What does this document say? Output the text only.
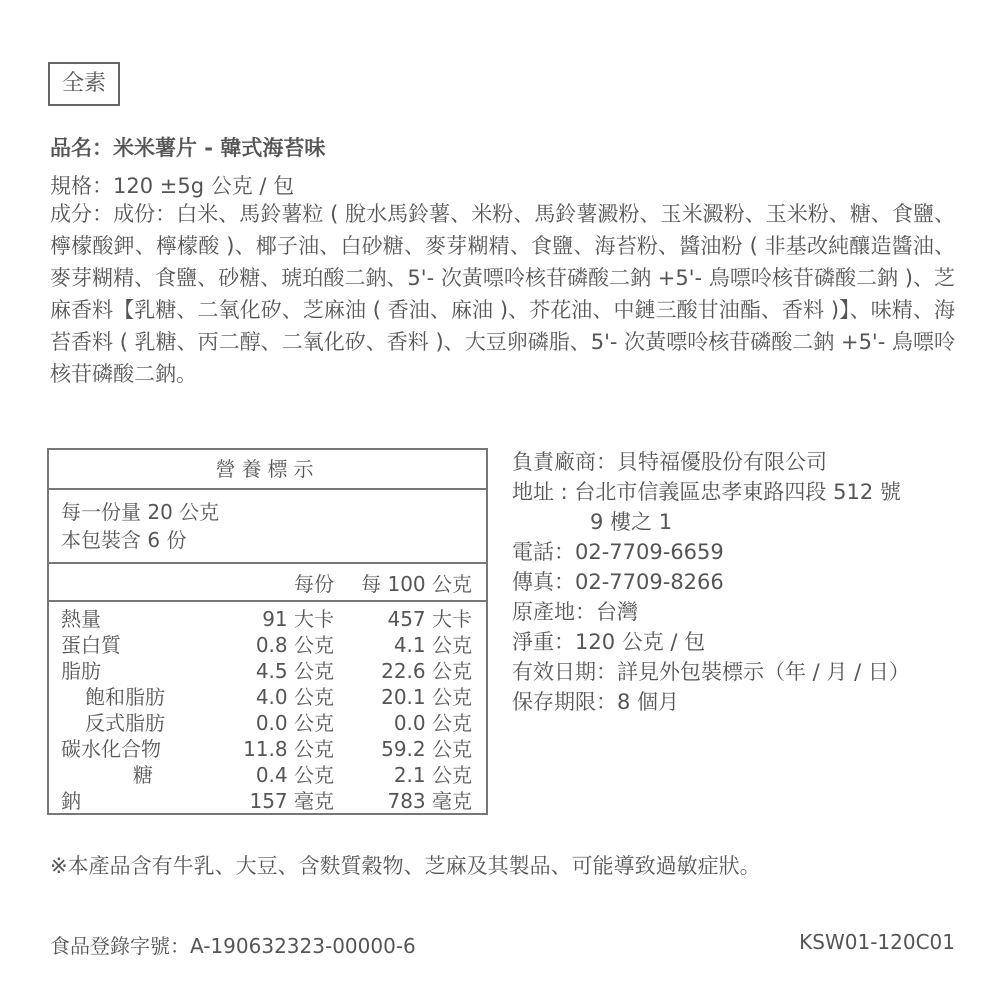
全素
品名：米米薯片 - 韓式海苔味
規格：120 ±5g 公克 / 包
成分：成份：白米、馬鈴薯粒 ( 脫水馬鈴薯、米粉、馬鈴薯澱粉、玉米澱粉、玉米粉、糖、食鹽、檸檬酸鉀、檸檬酸 )、椰子油、白砂糖、麥芽糊精、食鹽、海苔粉、醬油粉 ( 非基改純釀造醬油、麥芽糊精、食鹽、砂糖、琥珀酸二鈉、5'- 次黃嘌呤核苷磷酸二鈉 +5'- 鳥嘌呤核苷磷酸二鈉 )、芝麻香料【乳糖、二氧化矽、芝麻油 ( 香油、麻油 )、芥花油、中鏈三酸甘油酯、香料 )】、味精、海苔香料 ( 乳糖、丙二醇、二氧化矽、香料 )、大豆卵磷脂、5'- 次黃嘌呤核苷磷酸二鈉 +5'- 鳥嘌呤核苷磷酸二鈉。
營養標示
每一份量 20 公克
本包裝含 6 份
每份 每 100 公克
熱量	91 大卡	457 大卡
蛋白質	0.8 公克	4.1 公克
脂肪	4.5 公克 22.6 公克
飽和脂肪	4.0 公克 20.1 公克
反式脂肪	0.0 公克	0.0 公克
碳水化合物	11.8 公克 59.2 公克
糖	0.4 公克	2.1 公克
鈉	157 毫克	783 毫克
負責廠商：貝特福優股份有限公司
地址 : 台北市信義區忠孝東路四段 512 號
9 樓之 1
電話：02-7709-6659
傳真：02-7709-8266
原產地：台灣
淨重：120 公克 / 包
有效日期：詳見外包裝標示（年 / 月 / 日）
保存期限：8 個月
※本產品含有牛乳、大豆、含麩質穀物、芝麻及其製品、可能導致過敏症狀。
食品登錄字號：A-190632323-00000-6	KSW01-120C01
